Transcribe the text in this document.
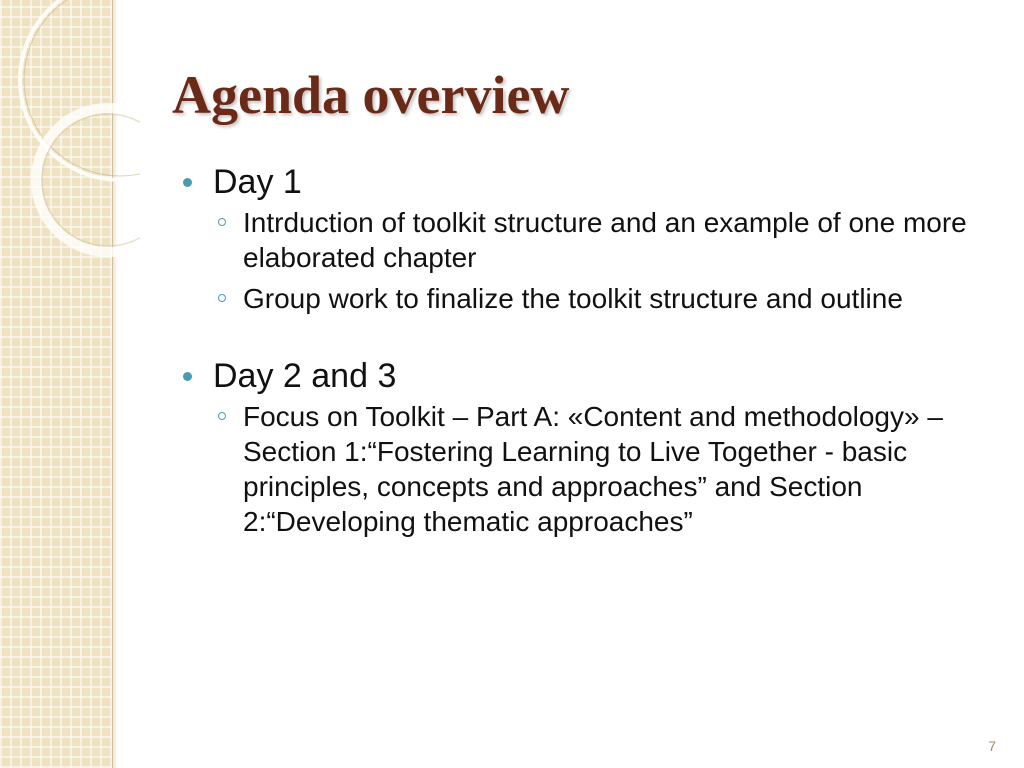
Agenda overview
Day 1
Intrduction of toolkit structure and an example of one more elaborated chapter
Group work to finalize the toolkit structure and outline
Day 2 and 3
Focus on Toolkit – Part A: «Content and methodology» – Section 1:“Fostering Learning to Live Together - basic principles, concepts and approaches” and Section 2:“Developing thematic approaches”
7
